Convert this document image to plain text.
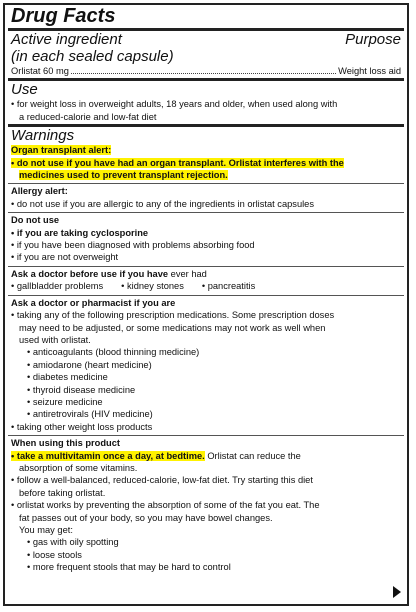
Drug Facts
Active ingredient	Purpose
(in each sealed capsule)
Orlistat 60 mg	Weight loss aid
Use
• for weight loss in overweight adults, 18 years and older, when used along with
a reduced-calorie and low-fat diet
Warnings
Organ transplant alert:
• do not use if you have had an organ transplant. Orlistat interferes with the
medicines used to prevent transplant rejection.
Allergy alert:
• do not use if you are allergic to any of the ingredients in orlistat capsules
Do not use
• if you are taking cyclosporine
• if you have been diagnosed with problems absorbing food
• if you are not overweight
Ask a doctor before use if you have ever had
• gallbladder problems	• kidney stones	• pancreatitis
Ask a doctor or pharmacist if you are
• taking any of the following prescription medications. Some prescription doses
may need to be adjusted, or some medications may not work as well when
used with orlistat.
• anticoagulants (blood thinning medicine)
• amiodarone (heart medicine)
• diabetes medicine
• thyroid disease medicine
• seizure medicine
• antiretrovirals (HIV medicine)
• taking other weight loss products
When using this product
• take a multivitamin once a day, at bedtime. Orlistat can reduce the
absorption of some vitamins.
• follow a well-balanced, reduced-calorie, low-fat diet. Try starting this diet
before taking orlistat.
• orlistat works by preventing the absorption of some of the fat you eat. The
fat passes out of your body, so you may have bowel changes.
You may get:
• gas with oily spotting
• loose stools
• more frequent stools that may be hard to control
